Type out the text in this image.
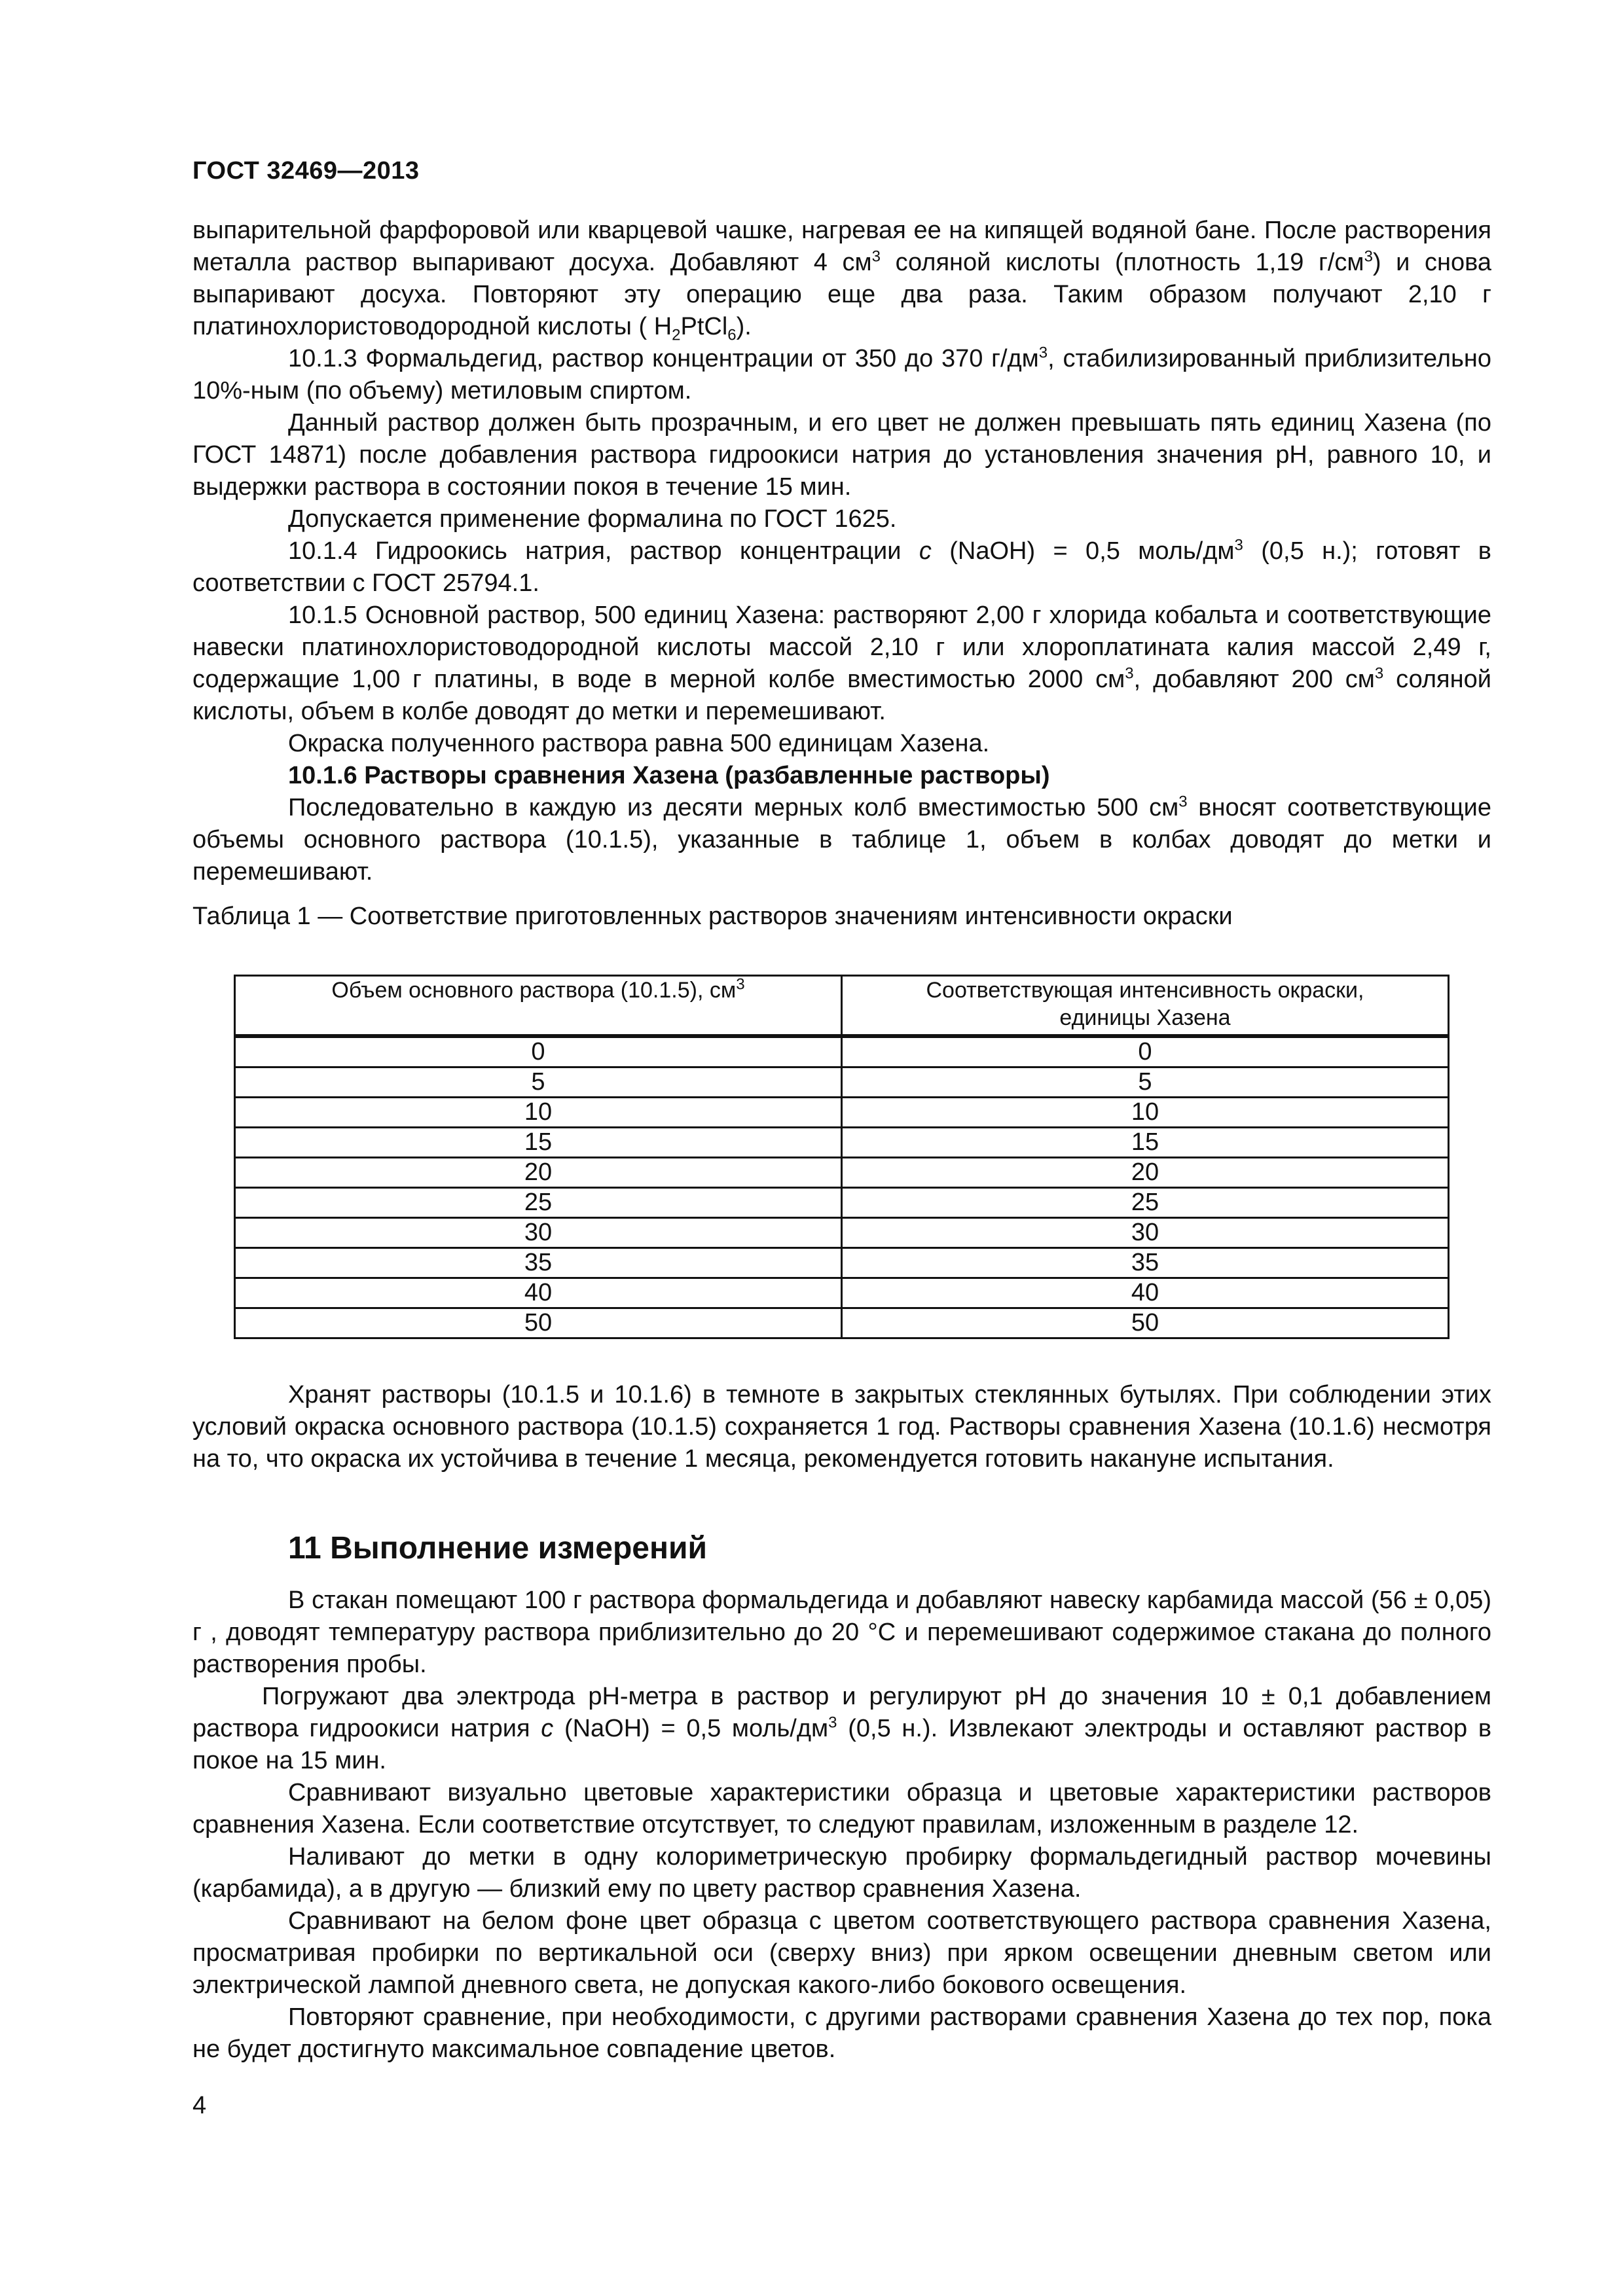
ГОСТ 32469—2013

выпарительной фарфоровой или кварцевой чашке, нагревая ее на кипящей водяной бане. После растворения металла раствор выпаривают досуха. Добавляют 4 $см^3$ соляной кислоты (плотность 1,19 $г/см^3$) и снова выпаривают досуха. Повторяют эту операцию еще два раза. Таким образом получают 2,10 г платинохлористоводородной кислоты ( $H_2PtCl_6$).

10.1.3 Формальдегид, раствор концентрации от 350 до 370 $г/дм^3$, стабилизированный приблизительно 10%-ным (по объему) метиловым спиртом.

Данный раствор должен быть прозрачным, и его цвет не должен превышать пять единиц Хазена (по ГОСТ 14871) после добавления раствора гидроокиси натрия до установления значения pH, равного 10, и выдержки раствора в состоянии покоя в течение 15 мин.

Допускается применение формалина по ГОСТ 1625.

10.1.4 Гидроокись натрия, раствор концентрации c (NaOH) = 0,5 моль/$дм^3$ (0,5 н.); готовят в соответствии с ГОСТ 25794.1.

10.1.5 Основной раствор, 500 единиц Хазена: растворяют 2,00 г хлорида кобальта и соответствующие навески платинохлористоводородной кислоты массой 2,10 г или хлороплатината калия массой 2,49 г, содержащие 1,00 г платины, в воде в мерной колбе вместимостью 2000 $см^3$, добавляют 200 $см^3$ соляной кислоты, объем в колбе доводят до метки и перемешивают.

Окраска полученного раствора равна 500 единицам Хазена.

10.1.6 Растворы сравнения Хазена (разбавленные растворы)

Последовательно в каждую из десяти мерных колб вместимостью 500 $см^3$ вносят соответствующие объемы основного раствора (10.1.5), указанные в таблице 1, объем в колбах доводят до метки и перемешивают.

Таблица 1 — Соответствие приготовленных растворов значениям интенсивности окраски
Объем основного раствора (10.1.5), $см^3$	Соответствующая интенсивность окраски,
единицы Хазена
0	0
5	5
10	10
15	15
20	20
25	25
30	30
35	35
40	40
50	50

Хранят растворы (10.1.5 и 10.1.6) в темноте в закрытых стеклянных бутылях. При соблюдении этих условий окраска основного раствора (10.1.5) сохраняется 1 год. Растворы сравнения Хазена (10.1.6) несмотря на то, что окраска их устойчива в течение 1 месяца, рекомендуется готовить накануне испытания.

11 Выполнение измерений

В стакан помещают 100 г раствора формальдегида и добавляют навеску карбамида массой (56 ± 0,05) г , доводят температуру раствора приблизительно до 20 °С и перемешивают содержимое стакана до полного растворения пробы.

Погружают два электрода pH-метра в раствор и регулируют pH до значения 10 ± 0,1 добавлением раствора гидроокиси натрия c (NaOH) = 0,5 моль/$дм^3$ (0,5 н.). Извлекают электроды и оставляют раствор в покое на 15 мин.

Сравнивают визуально цветовые характеристики образца и цветовые характеристики растворов сравнения Хазена. Если соответствие отсутствует, то следуют правилам, изложенным в разделе 12.

Наливают до метки в одну колориметрическую пробирку формальдегидный раствор мочевины (карбамида), а в другую — близкий ему по цвету раствор сравнения Хазена.

Сравнивают на белом фоне цвет образца с цветом соответствующего раствора сравнения Хазена, просматривая пробирки по вертикальной оси (сверху вниз) при ярком освещении дневным светом или электрической лампой дневного света, не допуская какого-либо бокового освещения.

Повторяют сравнение, при необходимости, с другими растворами сравнения Хазена до тех пор, пока не будет достигнуто максимальное совпадение цветов.

4
